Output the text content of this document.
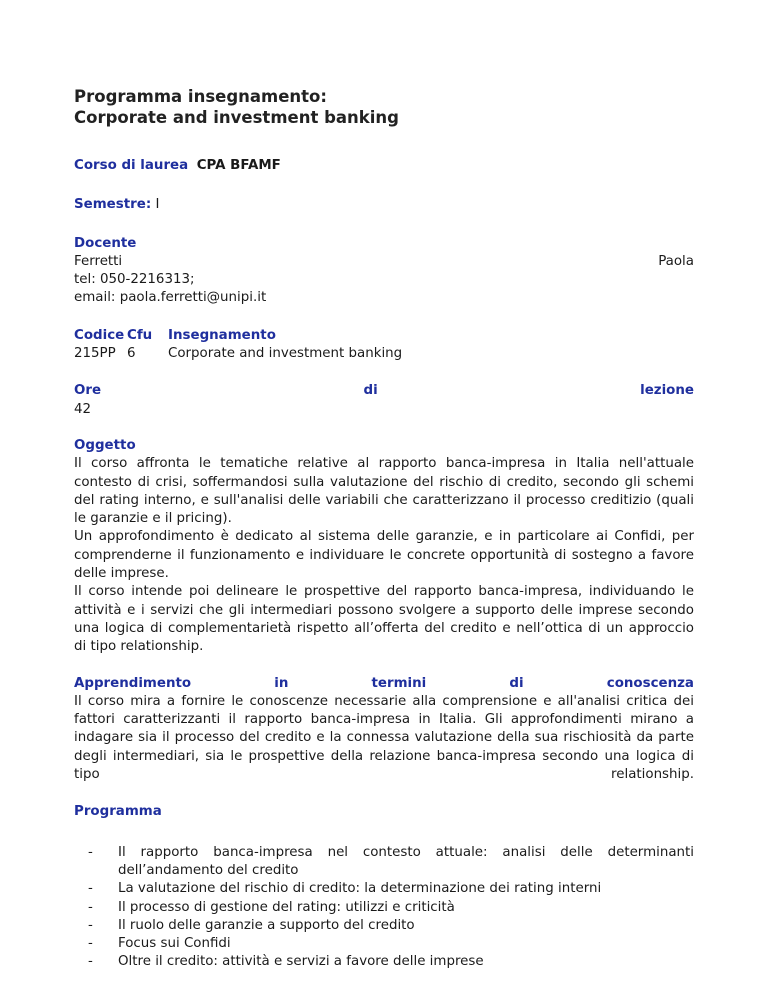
Programma insegnamento:
Corporate and investment banking
Corso di laurea CPA BFAMF
Semestre: I
Docente
Ferretti	Paola
tel: 050-2216313;
email: paola.ferretti@unipi.it
Codice Cfu	Insegnamento
215PP 6	Corporate and investment banking
Ore	di	lezione
42
Oggetto
Il corso affronta le tematiche relative al rapporto banca-impresa in Italia nell'attuale contesto di crisi, soffermandosi sulla valutazione del rischio di credito, secondo gli schemi del rating interno, e sull'analisi delle variabili che caratterizzano il processo creditizio (quali le garanzie e il pricing).
Un approfondimento è dedicato al sistema delle garanzie, e in particolare ai Confidi, per comprenderne il funzionamento e individuare le concrete opportunità di sostegno a favore delle imprese.
Il corso intende poi delineare le prospettive del rapporto banca-impresa, individuando le attività e i servizi che gli intermediari possono svolgere a supporto delle imprese secondo una logica di complementarietà rispetto all’offerta del credito e nell’ottica di un approccio di tipo relationship.
Apprendimento	in	termini	di	conoscenza
Il corso mira a fornire le conoscenze necessarie alla comprensione e all'analisi critica dei fattori caratterizzanti il rapporto banca-impresa in Italia. Gli approfondimenti mirano a indagare sia il processo del credito e la connessa valutazione della sua rischiosità da parte degli intermediari, sia le prospettive della relazione banca-impresa secondo una logica di
tipo	relationship.
Programma
- Il rapporto banca-impresa nel contesto attuale: analisi delle determinanti dell’andamento del credito
- La valutazione del rischio di credito: la determinazione dei rating interni
- Il processo di gestione del rating: utilizzi e criticità
- Il ruolo delle garanzie a supporto del credito
- Focus sui Confidi
- Oltre il credito: attività e servizi a favore delle imprese
